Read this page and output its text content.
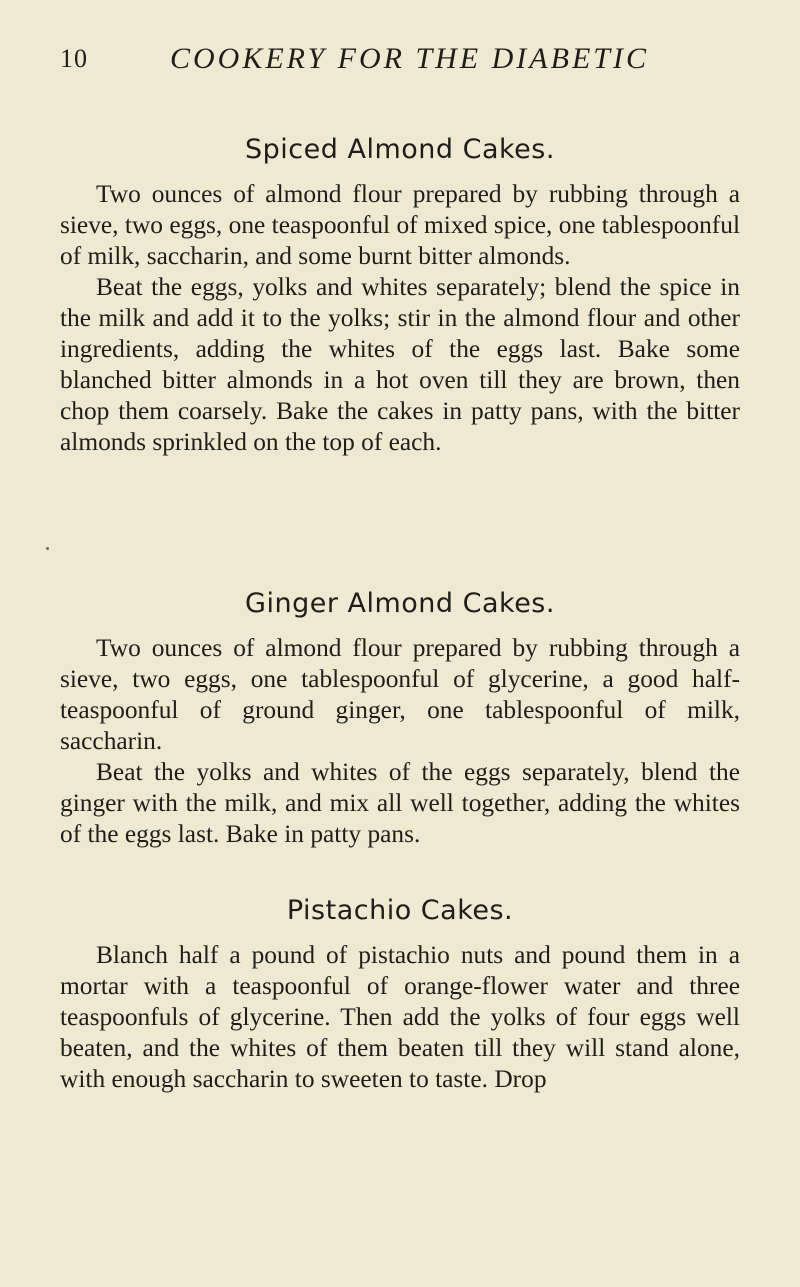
10	COOKERY FOR THE DIABETIC
Spiced Almond Cakes.

Two ounces of almond flour prepared by rubbing through a sieve, two eggs, one teaspoonful of mixed spice, one tablespoonful of milk, saccharin, and some burnt bitter almonds.

Beat the eggs, yolks and whites separately; blend the spice in the milk and add it to the yolks; stir in the almond flour and other ingredients, adding the whites of the eggs last. Bake some blanched bitter almonds in a hot oven till they are brown, then chop them coarsely. Bake the cakes in patty pans, with the bitter almonds sprinkled on the top of each.

Ginger Almond Cakes.

Two ounces of almond flour prepared by rubbing through a sieve, two eggs, one tablespoonful of glycerine, a good half-teaspoonful of ground ginger, one tablespoonful of milk, saccharin.

Beat the yolks and whites of the eggs separately, blend the ginger with the milk, and mix all well together, adding the whites of the eggs last. Bake in patty pans.

Pistachio Cakes.

Blanch half a pound of pistachio nuts and pound them in a mortar with a teaspoonful of orange-flower water and three teaspoonfuls of glycerine. Then add the yolks of four eggs well beaten, and the whites of them beaten till they will stand alone, with enough saccharin to sweeten to taste. Drop
